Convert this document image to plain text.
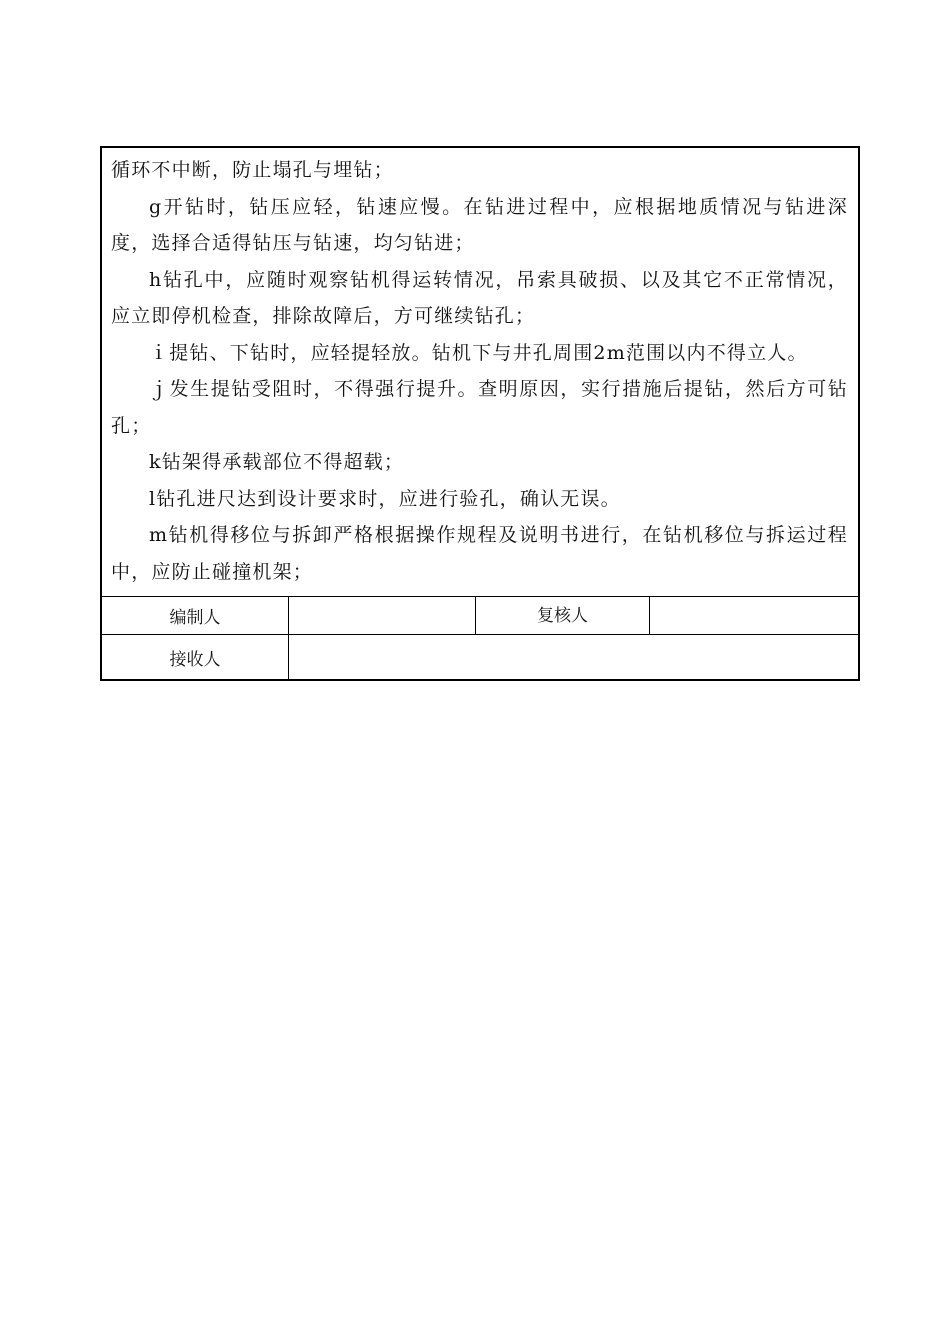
循环不中断，防止塌孔与埋钻；

g开钻时，钻压应轻，钻速应慢。在钻进过程中，应根据地质情况与钻进深度，选择合适得钻压与钻速，均匀钻进；

h钻孔中，应随时观察钻机得运转情况，吊索具破损、以及其它不正常情况，应立即停机检查，排除故障后，方可继续钻孔；

ｉ提钻、下钻时，应轻提轻放。钻机下与井孔周围2m范围以内不得立人。

ｊ发生提钻受阻时，不得强行提升。查明原因，实行措施后提钻，然后方可钻孔；

k钻架得承载部位不得超载；

l钻孔进尺达到设计要求时，应进行验孔，确认无误。

m钻机得移位与拆卸严格根据操作规程及说明书进行，在钻机移位与拆运过程中，应防止碰撞机架；

编制人	复核人
接收人
